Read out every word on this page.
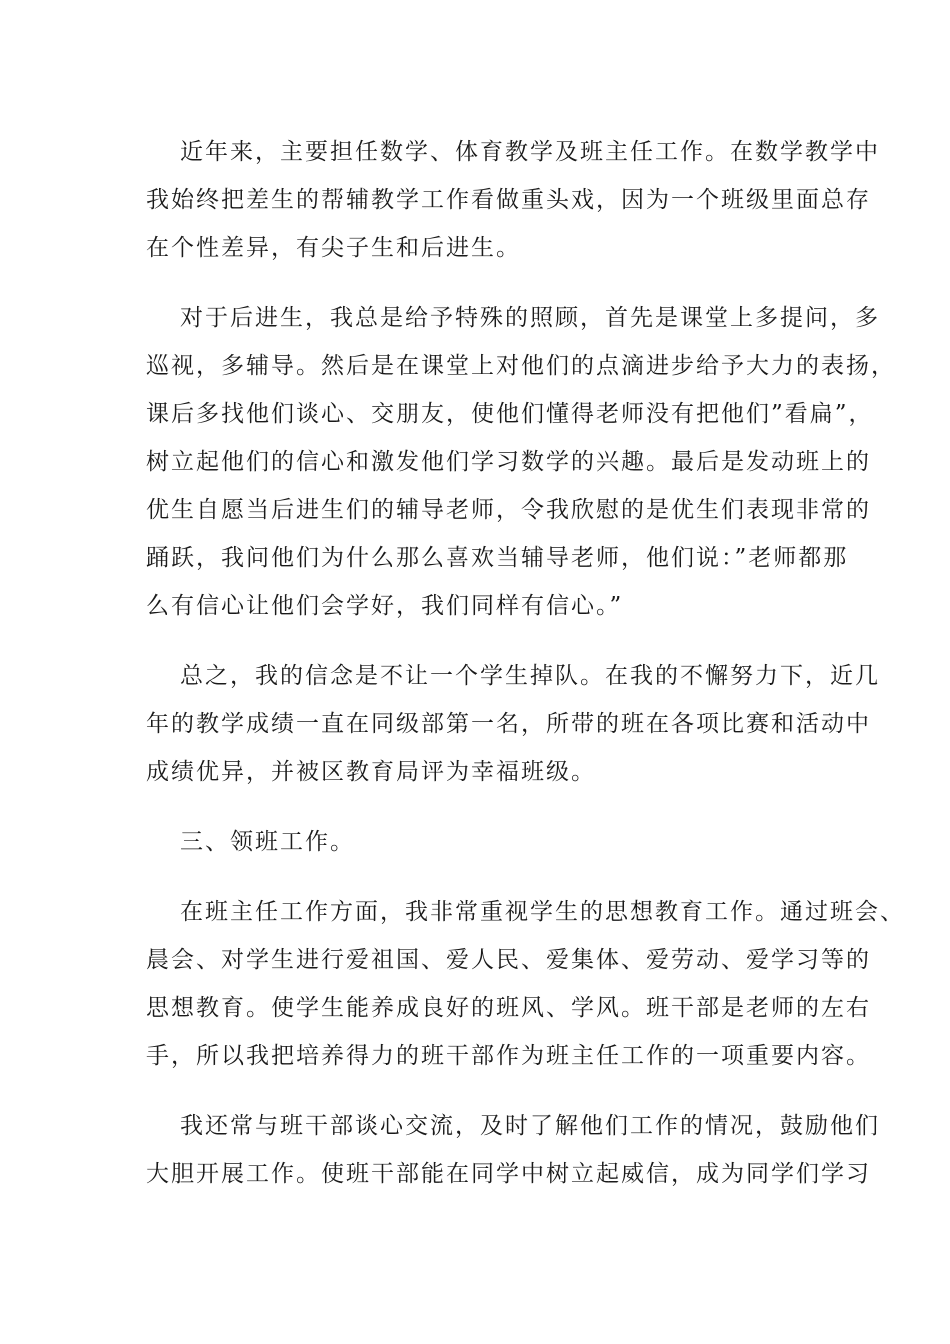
近年来，主要担任数学、体育教学及班主任工作。在数学教学中
我始终把差生的帮辅教学工作看做重头戏，因为一个班级里面总存
在个性差异，有尖子生和后进生。

对于后进生，我总是给予特殊的照顾，首先是课堂上多提问，多
巡视，多辅导。然后是在课堂上对他们的点滴进步给予大力的表扬，
课后多找他们谈心、交朋友，使他们懂得老师没有把他们”看扁”，
树立起他们的信心和激发他们学习数学的兴趣。最后是发动班上的
优生自愿当后进生们的辅导老师，令我欣慰的是优生们表现非常的
踊跃，我问他们为什么那么喜欢当辅导老师，他们说：”老师都那
么有信心让他们会学好，我们同样有信心。”

总之，我的信念是不让一个学生掉队。在我的不懈努力下，近几
年的教学成绩一直在同级部第一名，所带的班在各项比赛和活动中
成绩优异，并被区教育局评为幸福班级。

三、领班工作。

在班主任工作方面，我非常重视学生的思想教育工作。通过班会、
晨会、对学生进行爱祖国、爱人民、爱集体、爱劳动、爱学习等的
思想教育。使学生能养成良好的班风、学风。班干部是老师的左右
手，所以我把培养得力的班干部作为班主任工作的一项重要内容。

我还常与班干部谈心交流，及时了解他们工作的情况，鼓励他们
大胆开展工作。使班干部能在同学中树立起威信，成为同学们学习
